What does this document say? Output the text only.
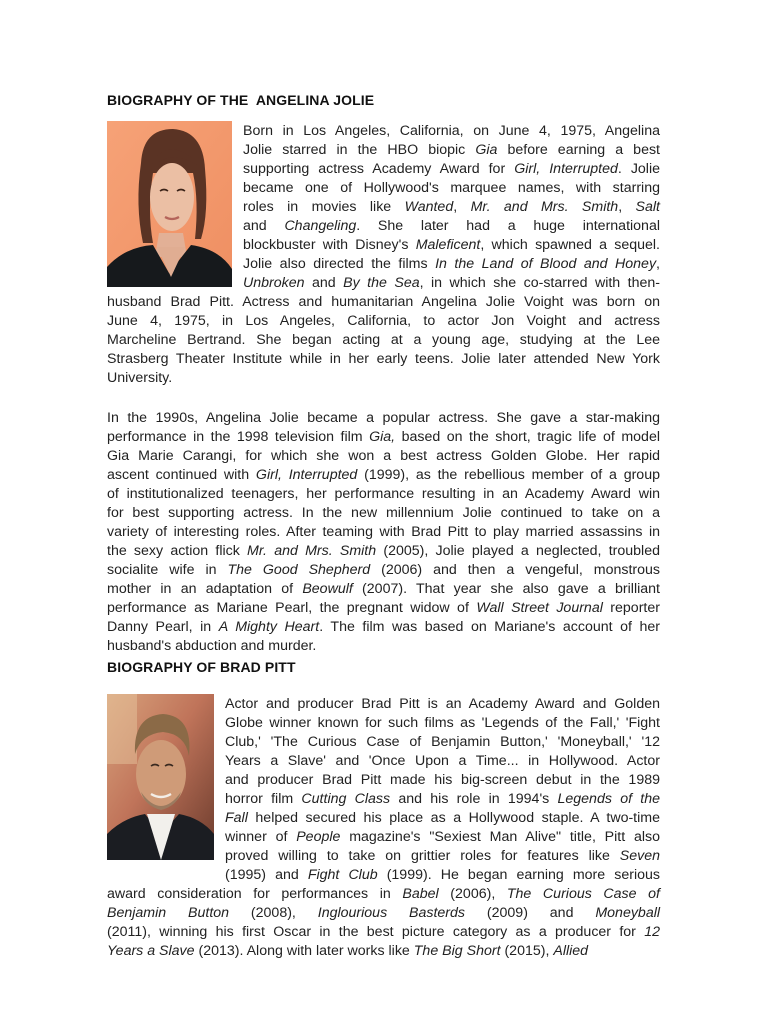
BIOGRAPHY OF THE  ANGELINA JOLIE
Born in Los Angeles, California, on June 4, 1975, Angelina
Jolie starred in the HBO biopic Gia before earning a best
supporting actress Academy Award for Girl, Interrupted. Jolie
became one of Hollywood's marquee names, with starring
roles in movies like Wanted, Mr. and Mrs. Smith, Salt
and Changeling. She later had a huge international
blockbuster with Disney's Maleficent, which spawned a sequel.
Jolie also directed the films In the Land of Blood and Honey,
Unbroken and By the Sea, in which she co-starred with then-
husband Brad Pitt. Actress and humanitarian Angelina Jolie Voight was born on
June 4, 1975, in Los Angeles, California, to actor Jon Voight and actress
Marcheline Bertrand. She began acting at a young age, studying at the Lee
Strasberg Theater Institute while in her early teens. Jolie later attended New York
University.
In the 1990s, Angelina Jolie became a popular actress. She gave a star-making
performance in the 1998 television film Gia, based on the short, tragic life of model
Gia Marie Carangi, for which she won a best actress Golden Globe. Her rapid
ascent continued with Girl, Interrupted (1999), as the rebellious member of a group
of institutionalized teenagers, her performance resulting in an Academy Award win
for best supporting actress. In the new millennium Jolie continued to take on a
variety of interesting roles. After teaming with Brad Pitt to play married assassins in
the sexy action flick Mr. and Mrs. Smith (2005), Jolie played a neglected, troubled
socialite wife in The Good Shepherd (2006) and then a vengeful, monstrous
mother in an adaptation of Beowulf (2007). That year she also gave a brilliant
performance as Mariane Pearl, the pregnant widow of Wall Street Journal reporter
Danny Pearl, in A Mighty Heart. The film was based on Mariane's account of her
husband's abduction and murder.
BIOGRAPHY OF BRAD PITT
Actor and producer Brad Pitt is an Academy Award and Golden
Globe winner known for such films as 'Legends of the Fall,' 'Fight
Club,' 'The Curious Case of Benjamin Button,' 'Moneyball,' '12
Years a Slave' and 'Once Upon a Time... in Hollywood. Actor
and producer Brad Pitt made his big-screen debut in the 1989
horror film Cutting Class and his role in 1994's Legends of the
Fall helped secured his place as a Hollywood staple. A two-time
winner of People magazine's "Sexiest Man Alive" title, Pitt also
proved willing to take on grittier roles for features like Seven
(1995) and Fight Club (1999). He began earning more serious
award consideration for performances in Babel (2006), The Curious Case of
Benjamin Button (2008), Inglourious Basterds (2009) and Moneyball
(2011), winning his first Oscar in the best picture category as a producer for 12
Years a Slave (2013). Along with later works like The Big Short (2015), Allied
